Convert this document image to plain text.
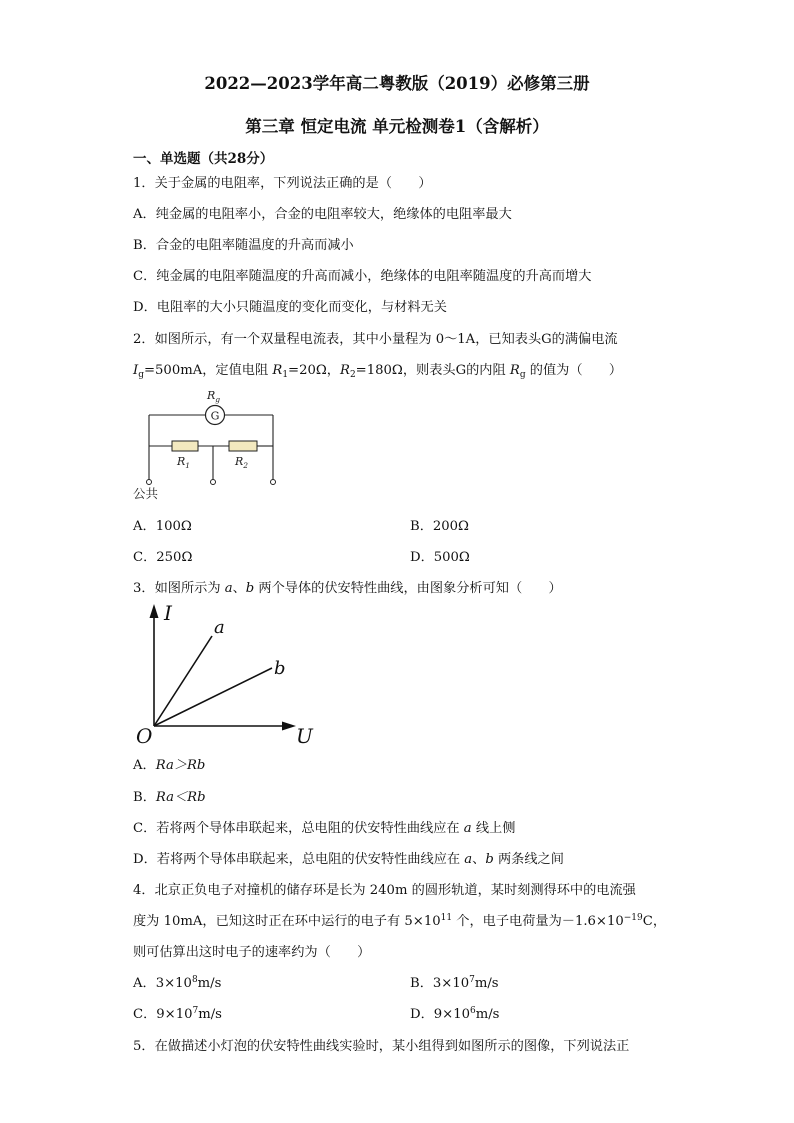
2022—2023学年高二粤教版（2019）必修第三册
第三章 恒定电流 单元检测卷1（含解析）
一、单选题（共28分）
1．关于金属的电阻率，下列说法正确的是（　　）
A．纯金属的电阻率小，合金的电阻率较大，绝缘体的电阻率最大
B．合金的电阻率随温度的升高而减小
C．纯金属的电阻率随温度的升高而减小，绝缘体的电阻率随温度的升高而增大
D．电阻率的大小只随温度的变化而变化，与材料无关
2．如图所示，有一个双量程电流表，其中小量程为 0～1A，已知表头G的满偏电流
$I_g=500mA$，定值电阻 $R_1=20\Omega$，$R_2=180\Omega$，则表头G的内阻 $R_g$ 的值为（　　）
G
$R_g$
$R_1$	$R_2$
公共
A．100Ω	B．200Ω
C．250Ω	D．500Ω
3．如图所示为 a、b 两个导体的伏安特性曲线，由图象分析可知（　　）
I
U
O
a
b
A．Ra＞Rb
B．Ra＜Rb
C．若将两个导体串联起来，总电阻的伏安特性曲线应在 a 线上侧
D．若将两个导体串联起来，总电阻的伏安特性曲线应在 a、b 两条线之间
4．北京正负电子对撞机的储存环是长为 240m 的圆形轨道，某时刻测得环中的电流强
度为 10mA，已知这时正在环中运行的电子有 $5\times 10^{11}$ 个，电子电荷量为$-1.6\times 10^{-19}C$，
则可估算出这时电子的速率约为（　　）
A．$3\times 10^8m/s$	B．$3\times 10^7m/s$
C．$9\times 10^7m/s$	D．$9\times 10^6m/s$
5．在做描述小灯泡的伏安特性曲线实验时，某小组得到如图所示的图像，下列说法正
